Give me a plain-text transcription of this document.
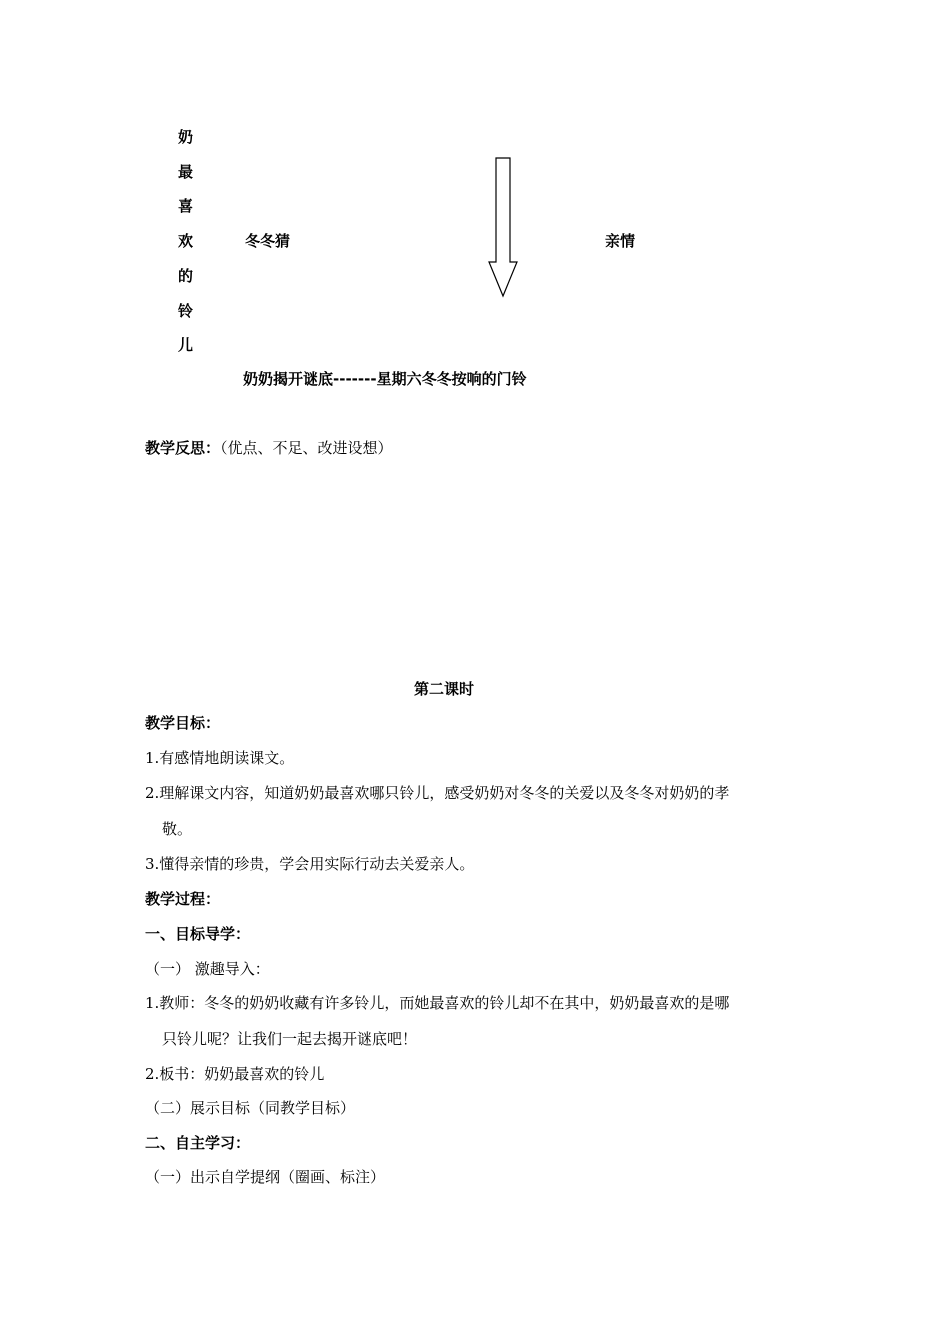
奶
最
喜
欢
的
铃
儿
冬冬猜	亲情
奶奶揭开谜底-------星期六冬冬按响的门铃
教学反思：（优点、不足、改进设想）
第二课时
教学目标：
1.有感情地朗读课文。
2.理解课文内容，知道奶奶最喜欢哪只铃儿，感受奶奶对冬冬的关爱以及冬冬对奶奶的孝
敬。
3.懂得亲情的珍贵，学会用实际行动去关爱亲人。
教学过程：
一、目标导学：
（一） 激趣导入：
1.教师：冬冬的奶奶收藏有许多铃儿，而她最喜欢的铃儿却不在其中，奶奶最喜欢的是哪
只铃儿呢？让我们一起去揭开谜底吧！
2.板书：奶奶最喜欢的铃儿
（二）展示目标（同教学目标）
二、自主学习：
（一）出示自学提纲（圈画、标注）
